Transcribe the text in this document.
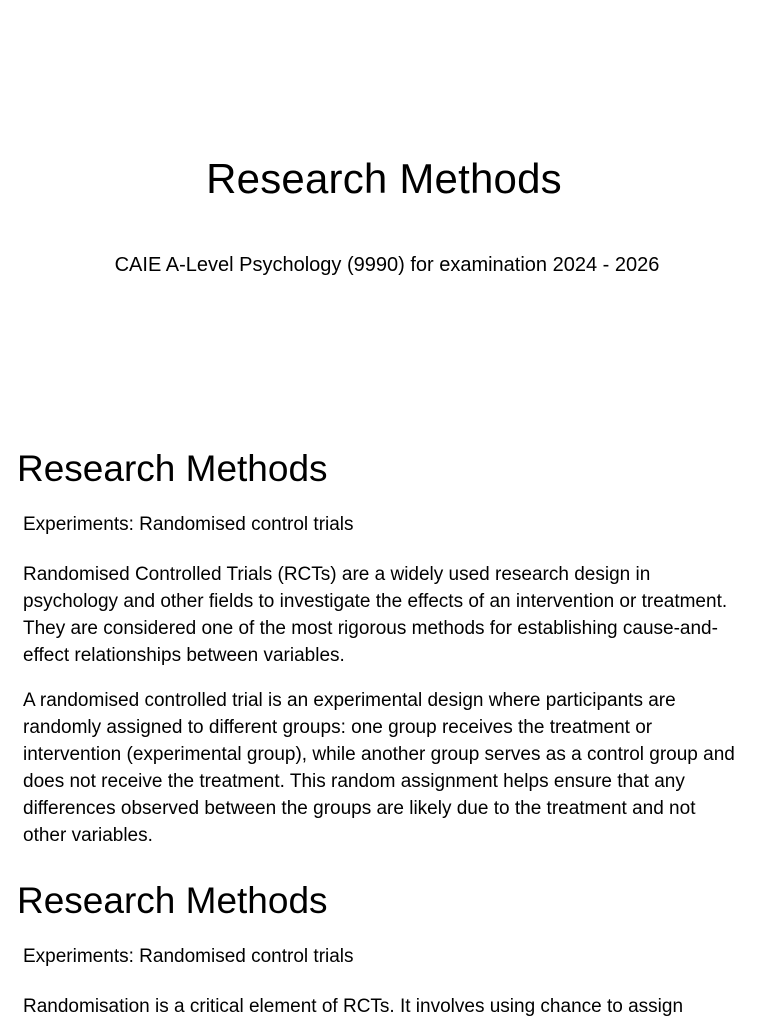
Research Methods

CAIE A-Level Psychology (9990) for examination 2024 - 2026

Research Methods

Experiments: Randomised control trials

Randomised Controlled Trials (RCTs) are a widely used research design in psychology and other fields to investigate the effects of an intervention or treatment. They are considered one of the most rigorous methods for establishing cause-and-effect relationships between variables.

A randomised controlled trial is an experimental design where participants are randomly assigned to different groups: one group receives the treatment or intervention (experimental group), while another group serves as a control group and does not receive the treatment. This random assignment helps ensure that any differences observed between the groups are likely due to the treatment and not other variables.

Research Methods

Experiments: Randomised control trials

Randomisation is a critical element of RCTs. It involves using chance to assign
